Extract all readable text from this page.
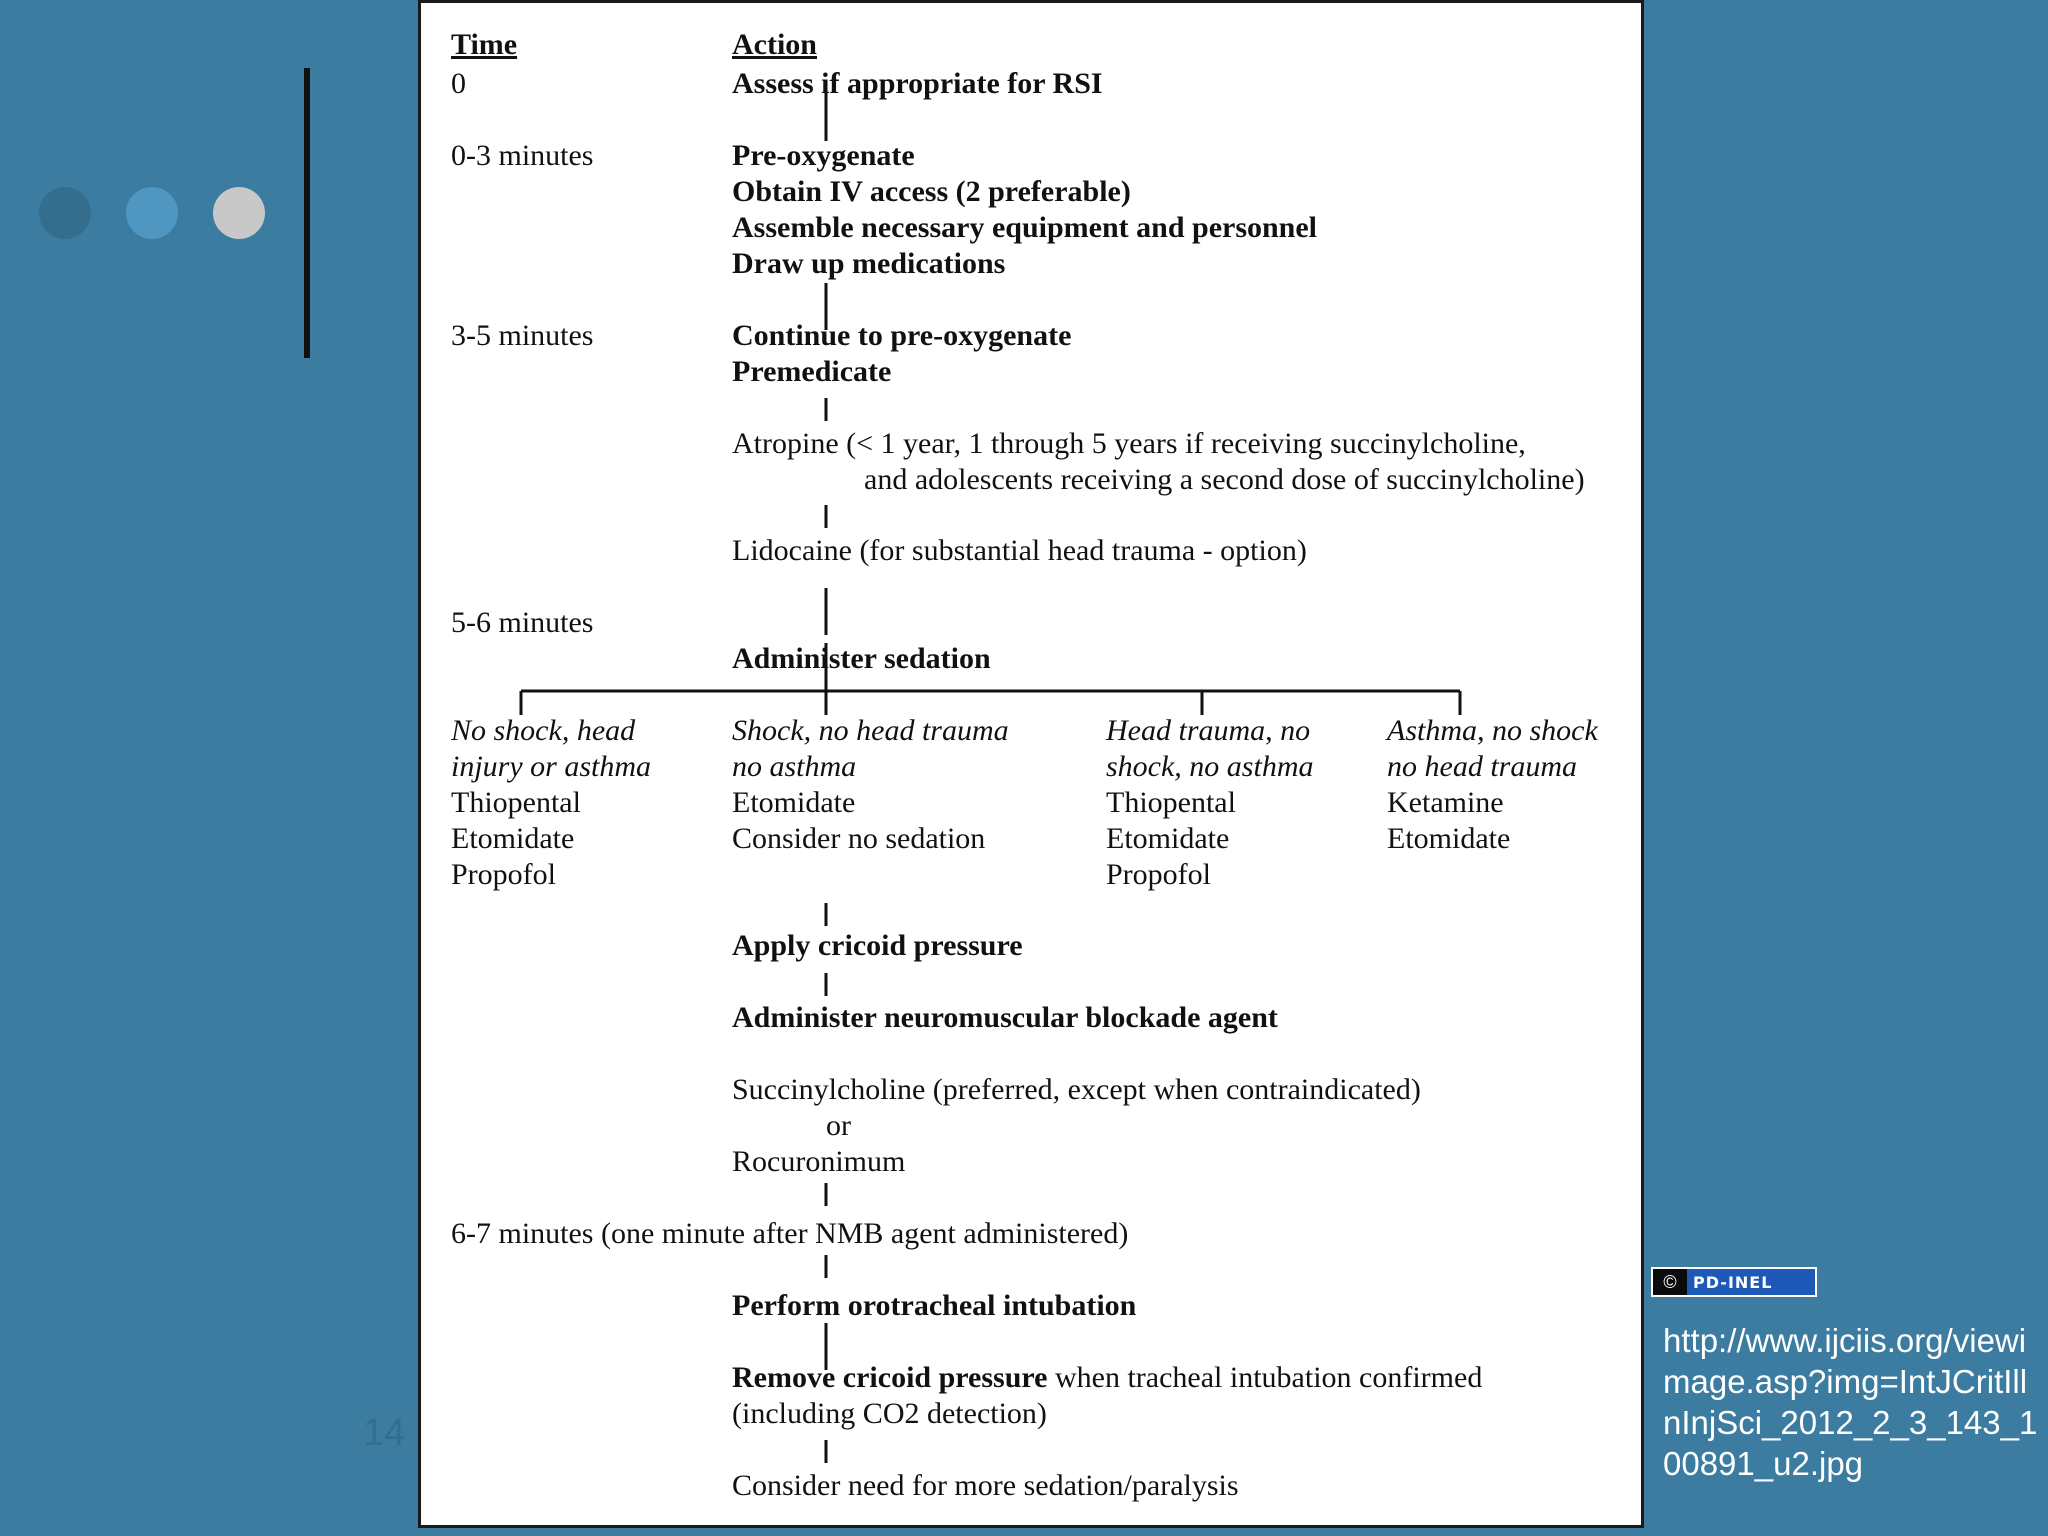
14
Time	Action
0
0-3 minutes
3-5 minutes
5-6 minutes
6-7 minutes (one minute after NMB agent administered)
Assess if appropriate for RSI
Pre-oxygenate
Obtain IV access (2 preferable)
Assemble necessary equipment and personnel
Draw up medications
Continue to pre-oxygenate
Premedicate
Atropine (< 1 year, 1 through 5 years if receiving succinylcholine,
and adolescents receiving a second dose of succinylcholine)
Lidocaine (for substantial head trauma - option)
Administer sedation
No shock, head
injury or asthma
Thiopental
Etomidate
Propofol
Shock, no head trauma
no asthma
Etomidate
Consider no sedation
Head trauma, no
shock, no asthma
Thiopental
Etomidate
Propofol
Asthma, no shock
no head trauma
Ketamine
Etomidate
Apply cricoid pressure
Administer neuromuscular blockade agent
Succinylcholine (preferred, except when contraindicated)
or
Rocuronimum
Perform orotracheal intubation
Remove cricoid pressure when tracheal intubation confirmed
(including CO2 detection)
Consider need for more sedation/paralysis
©	PD-INEL
http://www.ijciis.org/viewimage.asp?img=IntJCritIllnInjSci_2012_2_3_143_100891_u2.jpg
